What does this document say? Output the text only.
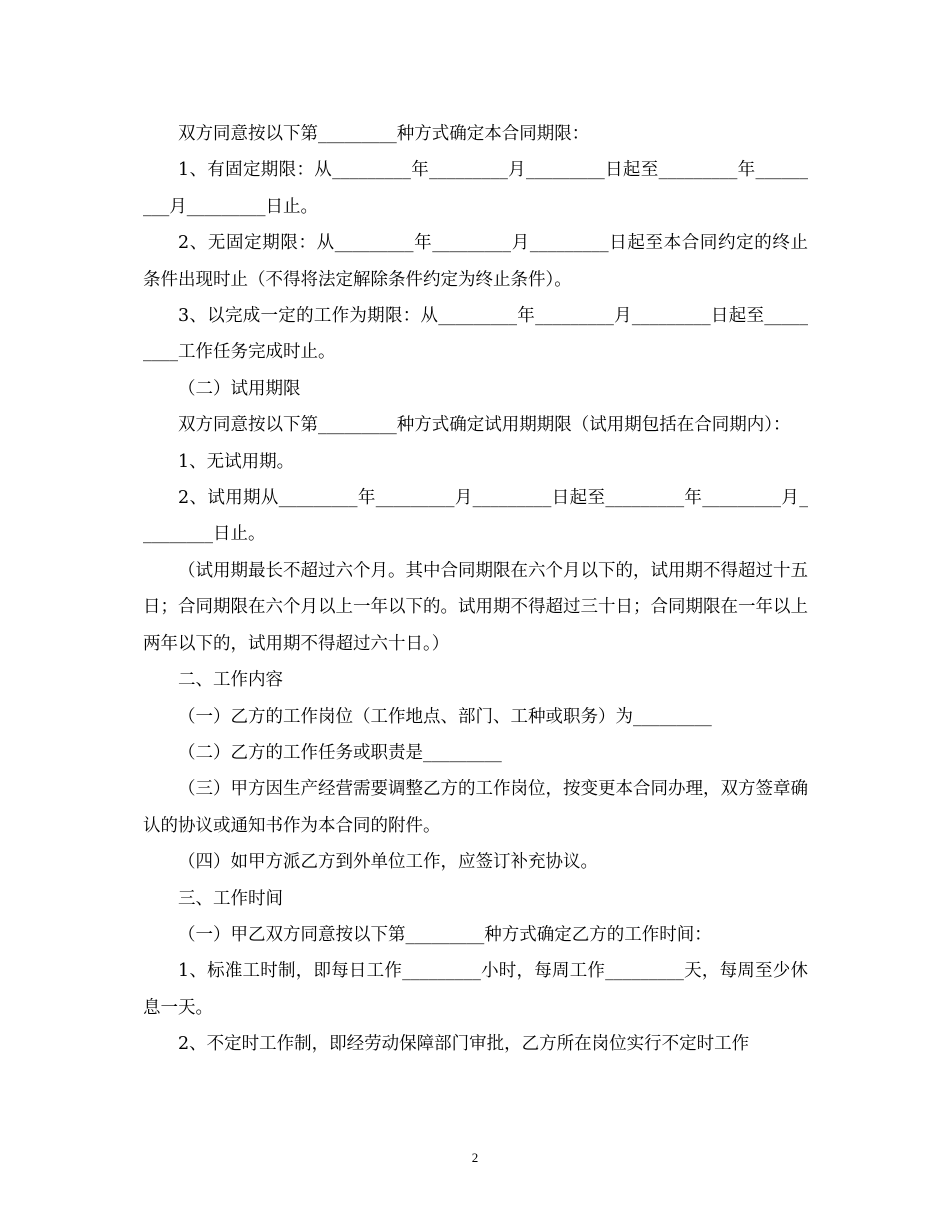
双方同意按以下第_________种方式确定本合同期限：

1、有固定期限：从_________年_________月_________日起至_________年_________月_________日止。

2、无固定期限：从_________年_________月_________日起至本合同约定的终止条件出现时止（不得将法定解除条件约定为终止条件）。

3、以完成一定的工作为期限：从_________年_________月_________日起至_________工作任务完成时止。

（二）试用期限

双方同意按以下第_________种方式确定试用期期限（试用期包括在合同期内）：

1、无试用期。

2、试用期从_________年_________月_________日起至_________年_________月_________日止。

（试用期最长不超过六个月。其中合同期限在六个月以下的，试用期不得超过十五日；合同期限在六个月以上一年以下的。试用期不得超过三十日；合同期限在一年以上两年以下的，试用期不得超过六十日。）

二、工作内容

（一）乙方的工作岗位（工作地点、部门、工种或职务）为_________

（二）乙方的工作任务或职责是_________

（三）甲方因生产经营需要调整乙方的工作岗位，按变更本合同办理，双方签章确认的协议或通知书作为本合同的附件。

（四）如甲方派乙方到外单位工作，应签订补充协议。

三、工作时间

（一）甲乙双方同意按以下第_________种方式确定乙方的工作时间：

1、标准工时制，即每日工作_________小时，每周工作_________天，每周至少休息一天。

2、不定时工作制，即经劳动保障部门审批，乙方所在岗位实行不定时工作

2
